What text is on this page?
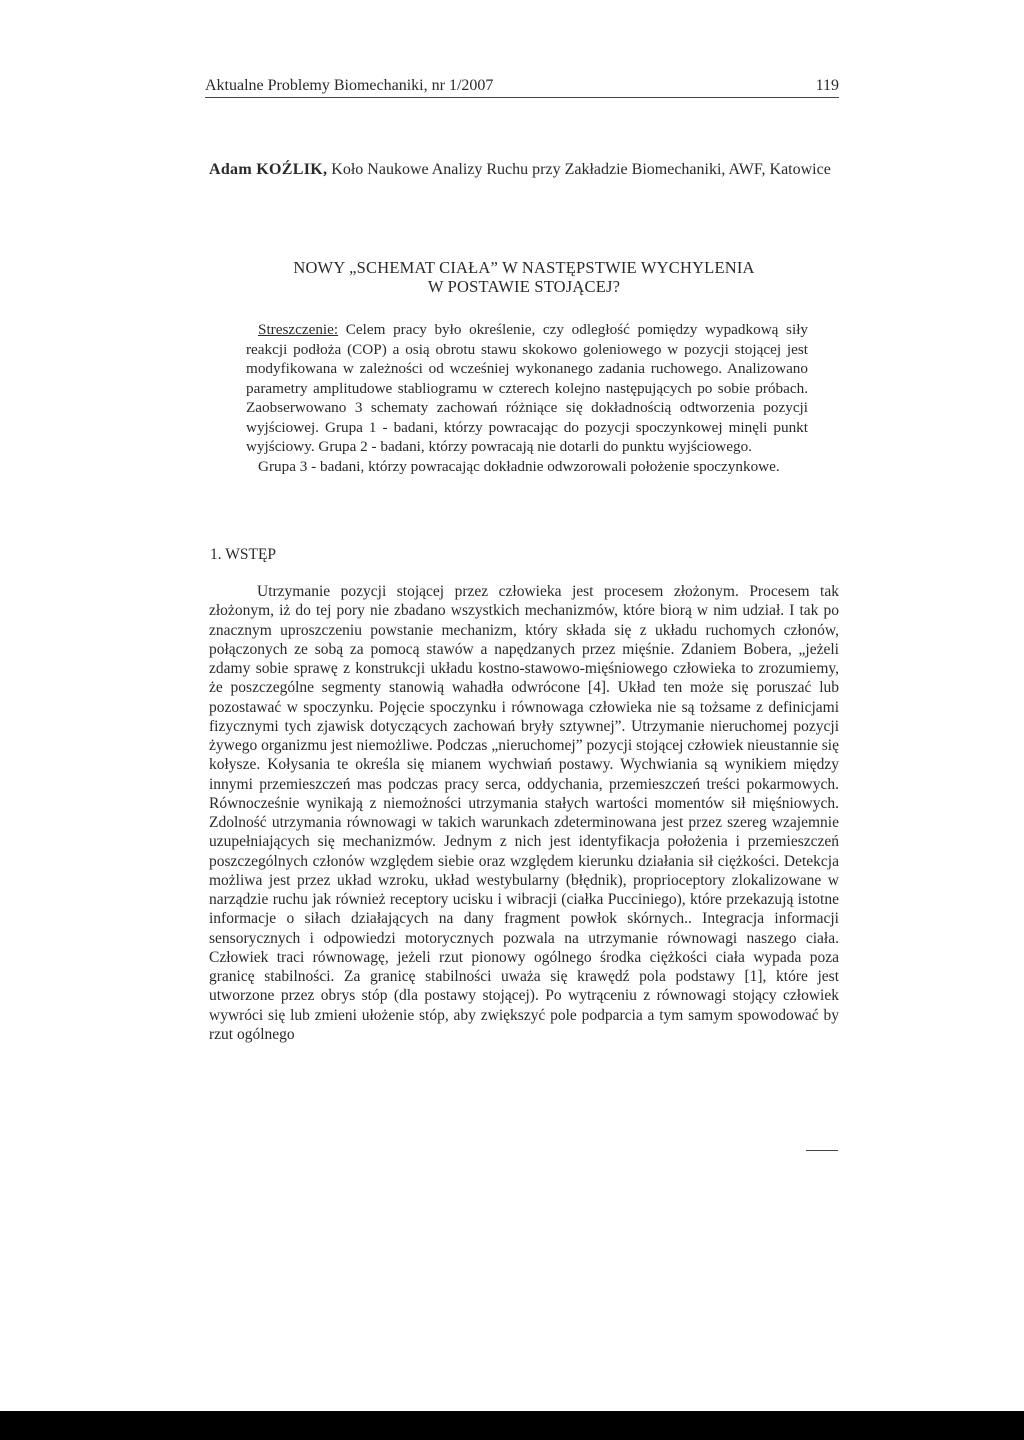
Aktualne Problemy Biomechaniki, nr 1/2007	119
Adam KOŹLIK, Koło Naukowe Analizy Ruchu przy Zakładzie Biomechaniki, AWF, Katowice
NOWY „SCHEMAT CIAŁA” W NASTĘPSTWIE WYCHYLENIA
W POSTAWIE STOJĄCEJ?

Streszczenie: Celem pracy było określenie, czy odległość pomiędzy wypadkową siły reakcji podłoża (COP) a osią obrotu stawu skokowo goleniowego w pozycji stojącej jest modyfikowana w zależności od wcześniej wykonanego zadania ruchowego. Analizowano parametry amplitudowe stabliogramu w czterech kolejno następujących po sobie próbach. Zaobserwowano 3 schematy zachowań różniące się dokładnością odtworzenia pozycji wyjściowej. Grupa 1 - badani, którzy powracając do pozycji spoczynkowej minęli punkt wyjściowy. Grupa 2 - badani, którzy powracają nie dotarli do punktu wyjściowego.

Grupa 3 - badani, którzy powracając dokładnie odwzorowali położenie spoczynkowe.

1. WSTĘP

Utrzymanie pozycji stojącej przez człowieka jest procesem złożonym. Procesem tak złożonym, iż do tej pory nie zbadano wszystkich mechanizmów, które biorą w nim udział. I tak po znacznym uproszczeniu powstanie mechanizm, który składa się z układu ruchomych członów, połączonych ze sobą za pomocą stawów a napędzanych przez mięśnie. Zdaniem Bobera, „jeżeli zdamy sobie sprawę z konstrukcji układu kostno-stawowo-mięśniowego człowieka to zrozumiemy, że poszczególne segmenty stanowią wahadła odwrócone [4]. Układ ten może się poruszać lub pozostawać w spoczynku. Pojęcie spoczynku i równowaga człowieka nie są tożsame z definicjami fizycznymi tych zjawisk dotyczących zachowań bryły sztywnej”. Utrzymanie nieruchomej pozycji żywego organizmu jest niemożliwe. Podczas „nieruchomej” pozycji stojącej człowiek nieustannie się kołysze. Kołysania te określa się mianem wychwiań postawy. Wychwiania są wynikiem między innymi przemieszczeń mas podczas pracy serca, oddychania, przemieszczeń treści pokarmowych. Równocześnie wynikają z niemożności utrzymania stałych wartości momentów sił mięśniowych. Zdolność utrzymania równowagi w takich warunkach zdeterminowana jest przez szereg wzajemnie uzupełniających się mechanizmów. Jednym z nich jest identyfikacja położenia i przemieszczeń poszczególnych członów względem siebie oraz względem kierunku działania sił ciężkości. Detekcja możliwa jest przez układ wzroku, układ westybularny (błędnik), proprioceptory zlokalizowane w narządzie ruchu jak również receptory ucisku i wibracji (ciałka Pucciniego), które przekazują istotne informacje o siłach działających na dany fragment powłok skórnych.. Integracja informacji sensorycznych i odpowiedzi motorycznych pozwala na utrzymanie równowagi naszego ciała. Człowiek traci równowagę, jeżeli rzut pionowy ogólnego środka ciężkości ciała wypada poza granicę stabilności. Za granicę stabilności uważa się krawędź pola podstawy [1], które jest utworzone przez obrys stóp (dla postawy stojącej). Po wytrąceniu z równowagi stojący człowiek wywróci się lub zmieni ułożenie stóp, aby zwiększyć pole podparcia a tym samym spowodować by rzut ogólnego
